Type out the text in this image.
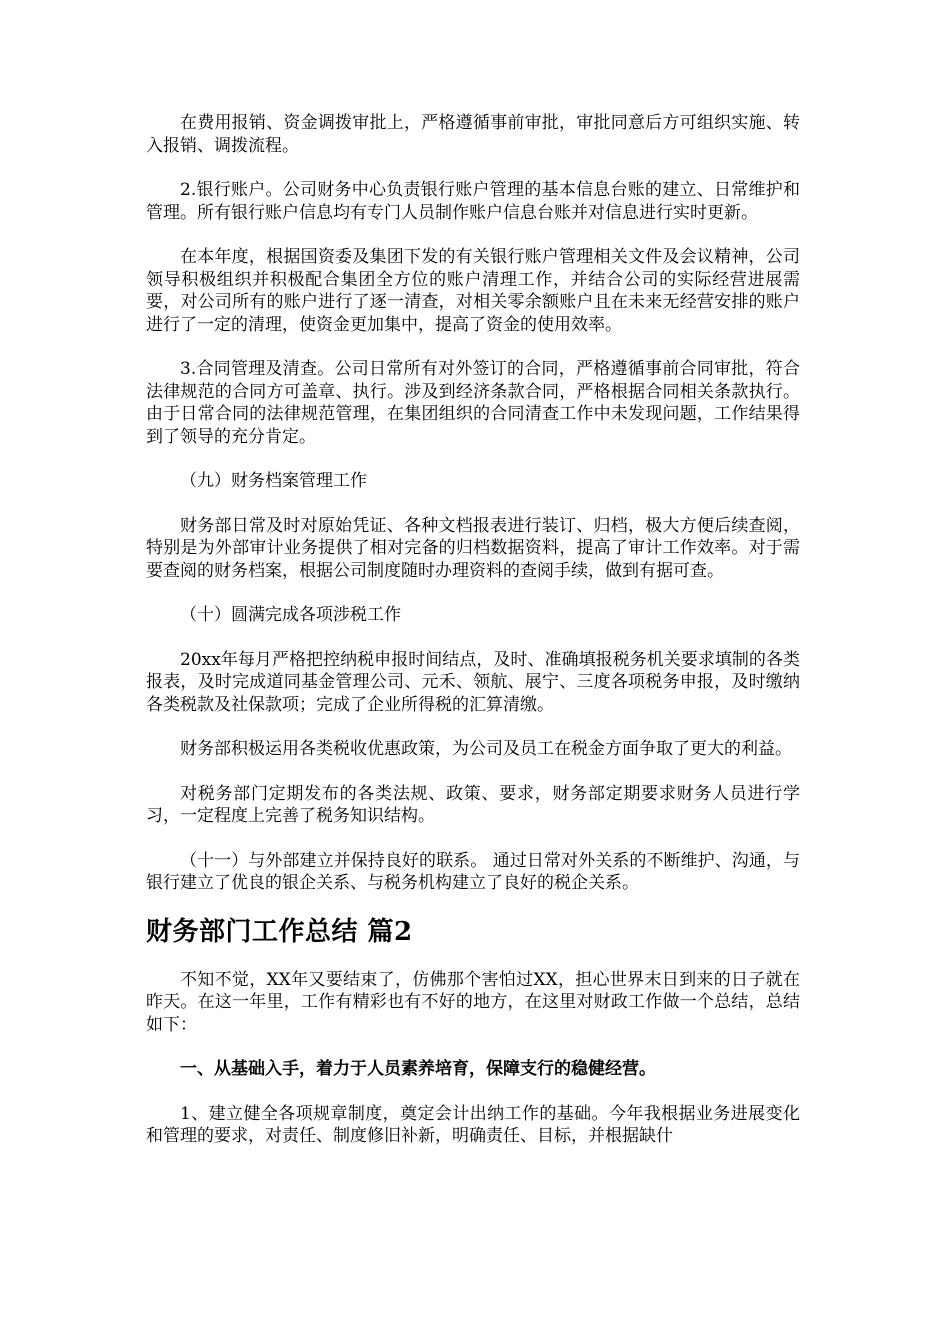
在费用报销、资金调拨审批上，严格遵循事前审批，审批同意后方可组织实施、转入报销、调拨流程。

2.银行账户。公司财务中心负责银行账户管理的基本信息台账的建立、日常维护和管理。所有银行账户信息均有专门人员制作账户信息台账并对信息进行实时更新。

在本年度，根据国资委及集团下发的有关银行账户管理相关文件及会议精神，公司领导积极组织并积极配合集团全方位的账户清理工作，并结合公司的实际经营进展需要，对公司所有的账户进行了逐一清查，对相关零余额账户且在未来无经营安排的账户进行了一定的清理，使资金更加集中，提高了资金的使用效率。

3.合同管理及清查。公司日常所有对外签订的合同，严格遵循事前合同审批，符合法律规范的合同方可盖章、执行。涉及到经济条款合同，严格根据合同相关条款执行。由于日常合同的法律规范管理，在集团组织的合同清查工作中未发现问题，工作结果得到了领导的充分肯定。

（九）财务档案管理工作

财务部日常及时对原始凭证、各种文档报表进行装订、归档，极大方便后续查阅，特别是为外部审计业务提供了相对完备的归档数据资料，提高了审计工作效率。对于需要查阅的财务档案，根据公司制度随时办理资料的查阅手续，做到有据可查。

（十）圆满完成各项涉税工作

20xx年每月严格把控纳税申报时间结点，及时、准确填报税务机关要求填制的各类报表，及时完成道同基金管理公司、元禾、领航、展宁、三度各项税务申报，及时缴纳各类税款及社保款项；完成了企业所得税的汇算清缴。

财务部积极运用各类税收优惠政策，为公司及员工在税金方面争取了更大的利益。

对税务部门定期发布的各类法规、政策、要求，财务部定期要求财务人员进行学习，一定程度上完善了税务知识结构。

（十一）与外部建立并保持良好的联系。 通过日常对外关系的不断维护、沟通，与银行建立了优良的银企关系、与税务机构建立了良好的税企关系。

财务部门工作总结 篇2

不知不觉，XX年又要结束了，仿佛那个害怕过XX，担心世界末日到来的日子就在昨天。在这一年里，工作有精彩也有不好的地方，在这里对财政工作做一个总结，总结如下：

一、从基础入手，着力于人员素养培育，保障支行的稳健经营。

1、建立健全各项规章制度，奠定会计出纳工作的基础。今年我根据业务进展变化和管理的要求，对责任、制度修旧补新，明确责任、目标，并根据缺什
